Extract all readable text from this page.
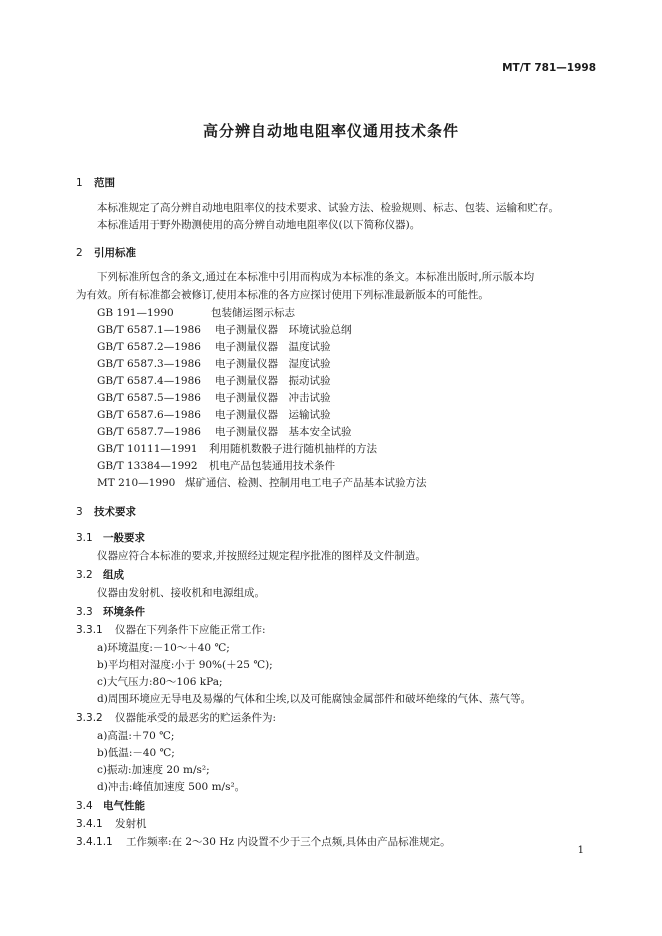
MT/T 781—1998
高分辨自动地电阻率仪通用技术条件
1 范围
本标准规定了高分辨自动地电阻率仪的技术要求、试验方法、检验规则、标志、包装、运输和贮存。
本标准适用于野外勘测使用的高分辨自动地电阻率仪(以下简称仪器)。
2 引用标准
下列标准所包含的条文,通过在本标准中引用而构成为本标准的条文。本标准出版时,所示版本均
为有效。所有标准都会被修订,使用本标准的各方应探讨使用下列标准最新版本的可能性。
GB 191—1990	包装储运图示标志
GB/T 6587.1—1986 电子测量仪器　环境试验总纲
GB/T 6587.2—1986 电子测量仪器　温度试验
GB/T 6587.3—1986 电子测量仪器　湿度试验
GB/T 6587.4—1986 电子测量仪器　振动试验
GB/T 6587.5—1986 电子测量仪器　冲击试验
GB/T 6587.6—1986 电子测量仪器　运输试验
GB/T 6587.7—1986 电子测量仪器　基本安全试验
GB/T 10111—1991 利用随机数骰子进行随机抽样的方法
GB/T 13384—1992 机电产品包装通用技术条件
MT 210—1990 煤矿通信、检测、控制用电工电子产品基本试验方法
3 技术要求
3.1 一般要求
仪器应符合本标准的要求,并按照经过规定程序批准的图样及文件制造。
3.2 组成
仪器由发射机、接收机和电源组成。
3.3 环境条件
3.3.1 仪器在下列条件下应能正常工作:
a)环境温度:－10～＋40 ℃;
b)平均相对湿度:小于 90%(＋25 ℃);
c)大气压力:80～106 kPa;
d)周围环境应无导电及易爆的气体和尘埃,以及可能腐蚀金属部件和破坏绝缘的气体、蒸气等。
3.3.2 仪器能承受的最恶劣的贮运条件为:
a)高温:＋70 ℃;
b)低温:－40 ℃;
c)振动:加速度 20 m/s²;
d)冲击:峰值加速度 500 m/s²。
3.4 电气性能
3.4.1 发射机
3.4.1.1 工作频率:在 2～30 Hz 内设置不少于三个点频,具体由产品标准规定。
1
